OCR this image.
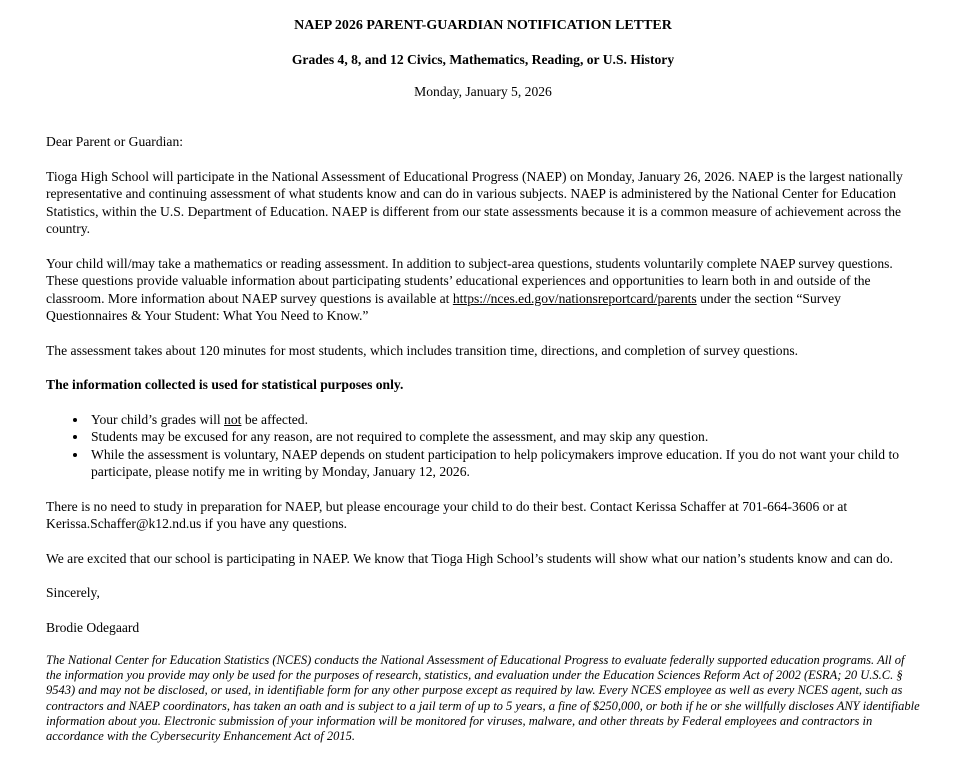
NAEP 2026 PARENT-GUARDIAN NOTIFICATION LETTER
Grades 4, 8, and 12 Civics, Mathematics, Reading, or U.S. History
Monday, January 5, 2026

Dear Parent or Guardian:

Tioga High School will participate in the National Assessment of Educational Progress (NAEP) on Monday, January 26, 2026. NAEP is the largest nationally representative and continuing assessment of what students know and can do in various subjects. NAEP is administered by the National Center for Education Statistics, within the U.S. Department of Education. NAEP is different from our state assessments because it is a common measure of achievement across the country.

Your child will/may take a mathematics or reading assessment. In addition to subject-area questions, students voluntarily complete NAEP survey questions. These questions provide valuable information about participating students’ educational experiences and opportunities to learn both in and outside of the classroom. More information about NAEP survey questions is available at https://nces.ed.gov/nationsreportcard/parents under the section “Survey Questionnaires & Your Student: What You Need to Know.”

The assessment takes about 120 minutes for most students, which includes transition time, directions, and completion of survey questions.

The information collected is used for statistical purposes only.

• Your child’s grades will not be affected.
• Students may be excused for any reason, are not required to complete the assessment, and may skip any question.
• While the assessment is voluntary, NAEP depends on student participation to help policymakers improve education. If you do not want your child to participate, please notify me in writing by Monday, January 12, 2026.

There is no need to study in preparation for NAEP, but please encourage your child to do their best. Contact Kerissa Schaffer at 701-664-3606 or at Kerissa.Schaffer@k12.nd.us if you have any questions.

We are excited that our school is participating in NAEP. We know that Tioga High School’s students will show what our nation’s students know and can do.

Sincerely,

Brodie Odegaard

The National Center for Education Statistics (NCES) conducts the National Assessment of Educational Progress to evaluate federally supported education programs. All of the information you provide may only be used for the purposes of research, statistics, and evaluation under the Education Sciences Reform Act of 2002 (ESRA; 20 U.S.C. § 9543) and may not be disclosed, or used, in identifiable form for any other purpose except as required by law. Every NCES employee as well as every NCES agent, such as contractors and NAEP coordinators, has taken an oath and is subject to a jail term of up to 5 years, a fine of $250,000, or both if he or she willfully discloses ANY identifiable information about you. Electronic submission of your information will be monitored for viruses, malware, and other threats by Federal employees and contractors in accordance with the Cybersecurity Enhancement Act of 2015.
